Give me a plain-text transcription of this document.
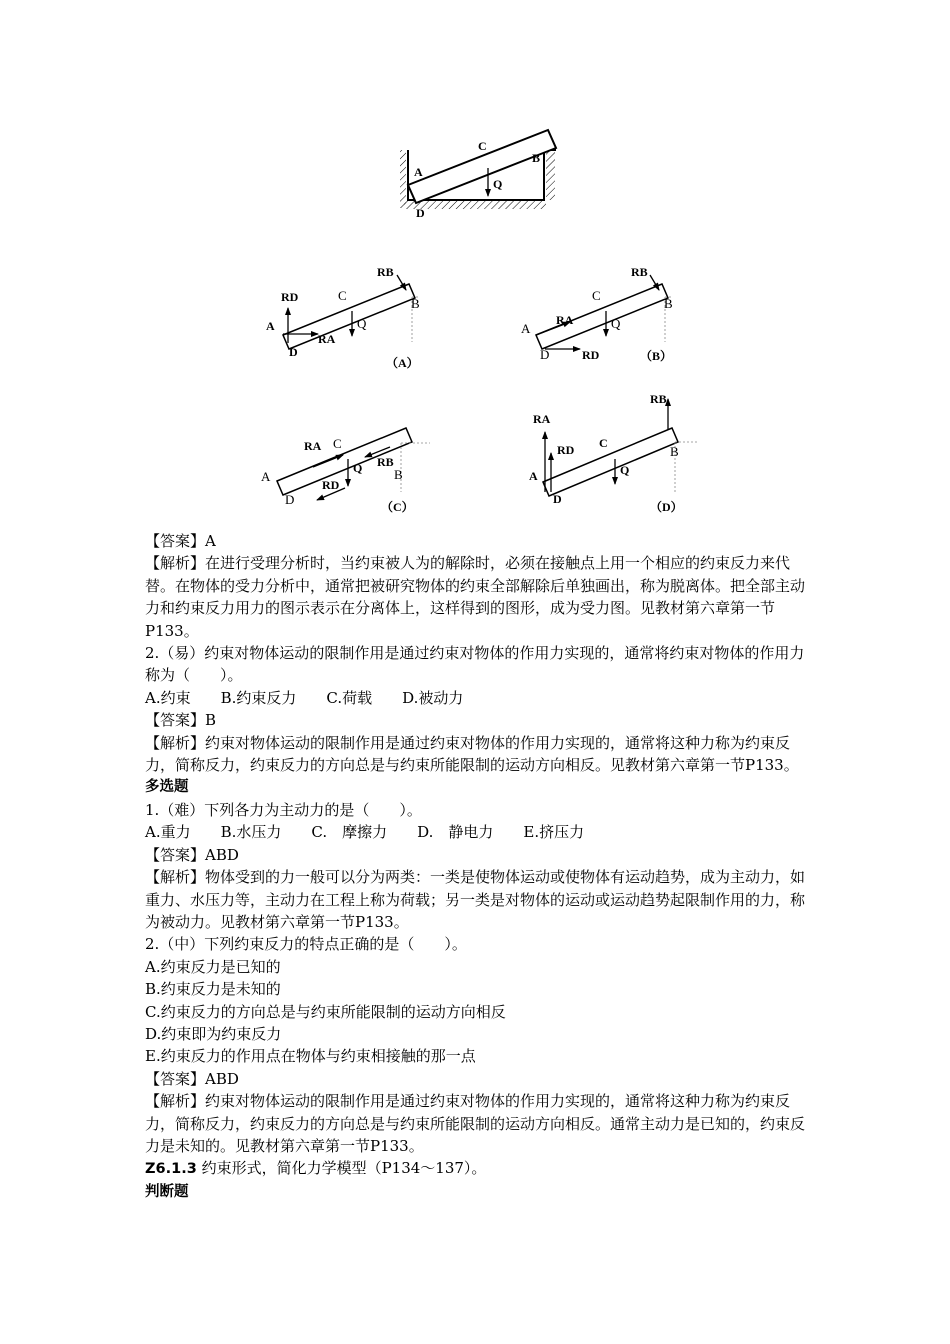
A
C
B
Q
D
RB
RD	C
A
B
Q
RA
D
（A）
RB
C
RA
A	Q
B
D	RD	（B）
RA C
A
Q RB
RD
D
B
（C）
RB
RA
RD C
A	Q
B
D
（D）

【答案】A

【解析】在进行受理分析时，当约束被人为的解除时，必须在接触点上用一个相应的约束反力来代替。在物体的受力分析中，通常把被研究物体的约束全部解除后单独画出，称为脱离体。把全部主动力和约束反力用力的图示表示在分离体上，这样得到的图形，成为受力图。见教材第六章第一节P133。

2.（易）约束对物体运动的限制作用是通过约束对物体的作用力实现的，通常将约束对物体的作用力称为（　　）。

A.约束　　B.约束反力　　C.荷载　　D.被动力

【答案】B

【解析】约束对物体运动的限制作用是通过约束对物体的作用力实现的，通常将这种力称为约束反力，简称反力，约束反力的方向总是与约束所能限制的运动方向相反。见教材第六章第一节P133。

多选题

1.（难）下列各力为主动力的是（　　）。

A.重力　　B.水压力　　C.　摩擦力　　D.　静电力　　E.挤压力

【答案】ABD

【解析】物体受到的力一般可以分为两类：一类是使物体运动或使物体有运动趋势，成为主动力，如重力、水压力等，主动力在工程上称为荷载；另一类是对物体的运动或运动趋势起限制作用的力，称为被动力。见教材第六章第一节P133。

2.（中）下列约束反力的特点正确的是（　　）。

A.约束反力是已知的

B.约束反力是未知的

C.约束反力的方向总是与约束所能限制的运动方向相反

D.约束即为约束反力

E.约束反力的作用点在物体与约束相接触的那一点

【答案】ABD

【解析】约束对物体运动的限制作用是通过约束对物体的作用力实现的，通常将这种力称为约束反力，简称反力，约束反力的方向总是与约束所能限制的运动方向相反。通常主动力是已知的，约束反力是未知的。见教材第六章第一节P133。

Z6.1.3 约束形式，简化力学模型（P134～137）。

判断题
